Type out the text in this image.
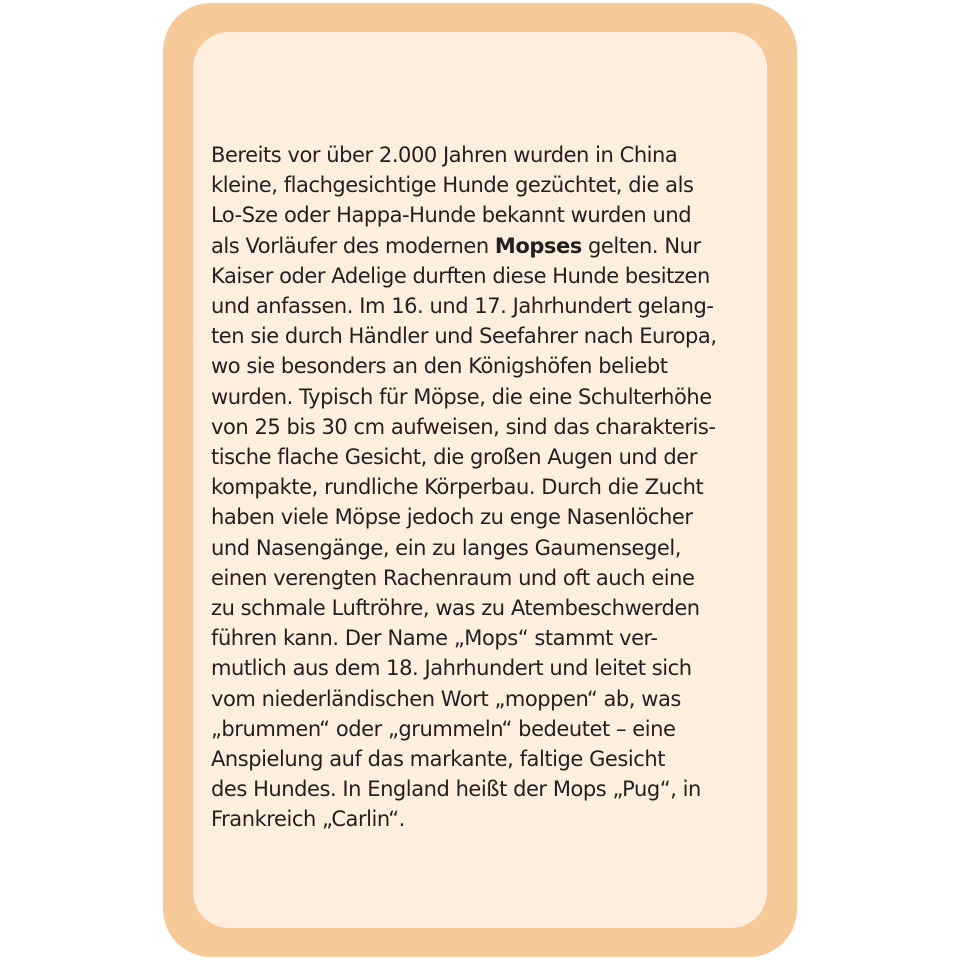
Bereits vor über 2.000 Jahren wurden in China
kleine, flachgesichtige Hunde gezüchtet, die als
Lo-Sze oder Happa-Hunde bekannt wurden und
als Vorläufer des modernen Mopses gelten. Nur
Kaiser oder Adelige durften diese Hunde besitzen
und anfassen. Im 16. und 17. Jahrhundert gelang-
ten sie durch Händler und Seefahrer nach Europa,
wo sie besonders an den Königshöfen beliebt
wurden. Typisch für Möpse, die eine Schulterhöhe
von 25 bis 30 cm aufweisen, sind das charakteris-
tische flache Gesicht, die großen Augen und der
kompakte, rundliche Körperbau. Durch die Zucht
haben viele Möpse jedoch zu enge Nasenlöcher
und Nasengänge, ein zu langes Gaumensegel,
einen verengten Rachenraum und oft auch eine
zu schmale Luftröhre, was zu Atembeschwerden
führen kann. Der Name „Mops“ stammt ver-
mutlich aus dem 18. Jahrhundert und leitet sich
vom niederländischen Wort „moppen“ ab, was
„brummen“ oder „grummeln“ bedeutet – eine
Anspielung auf das markante, faltige Gesicht
des Hundes. In England heißt der Mops „Pug“, in
Frankreich „Carlin“.
